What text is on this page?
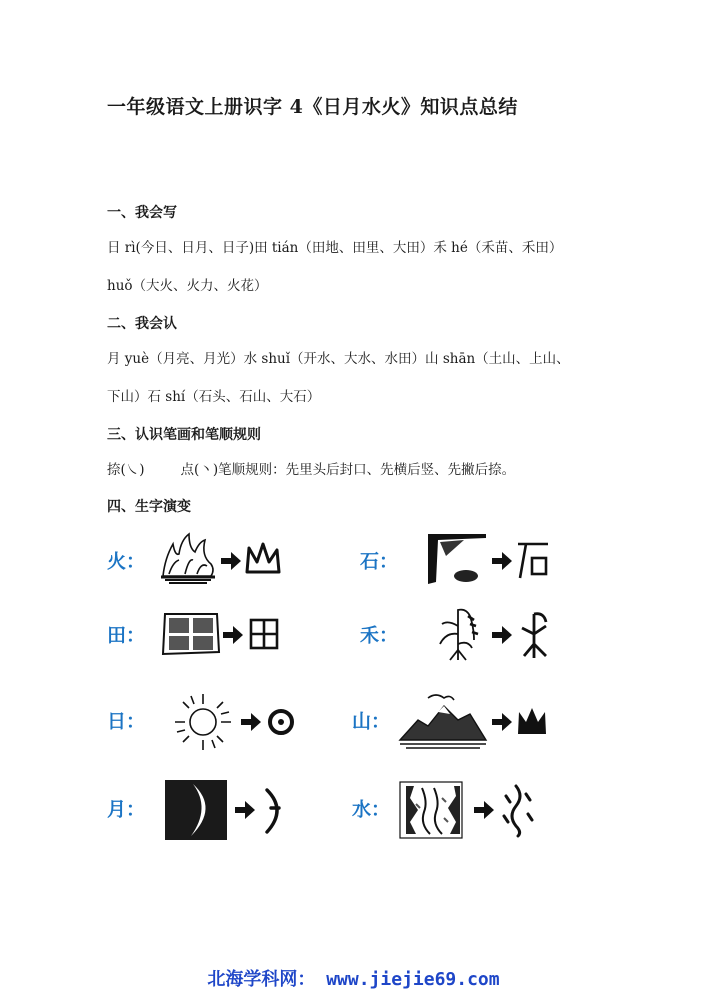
一年级语文上册识字 4《日月水火》知识点总结
一、我会写
日 rì(今日、日月、日子)田 tián（田地、田里、大田）禾 hé（禾苗、禾田）
huǒ（大火、火力、火花）
二、我会认
月 yuè（月亮、月光）水 shuǐ（开水、大水、水田）山 shān（土山、上山、
下山）石 shí（石头、石山、大石）
三、认识笔画和笔顺规则
捺(㇏)	点(丶)笔顺规则：先里头后封口、先横后竖、先撇后捺。
四、生字演变
火：	石：
田：	禾：
日：	山：
月：	水：
北海学科网： www.jiejie69.com
